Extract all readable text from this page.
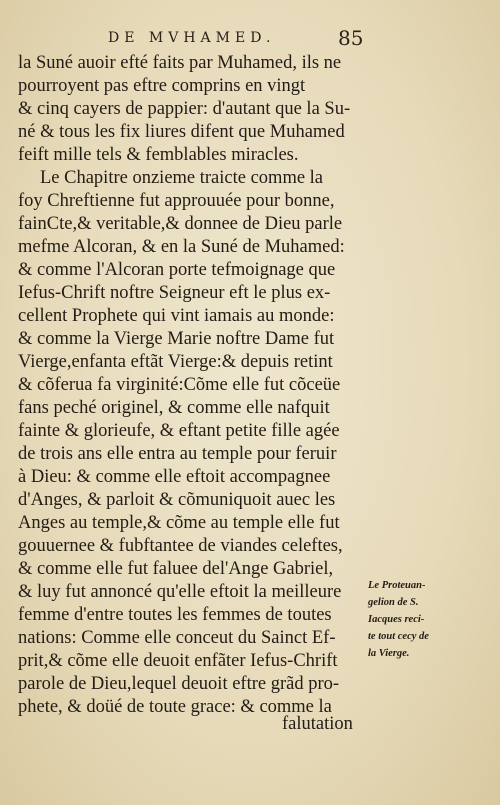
DE MVHAMED.	85
la Suné auoir efté faits par Muhamed, ils ne
pourroyent pas eftre comprins en vingt
& cinq cayers de pappier: d'autant que la Su-
né & tous les fix liures difent que Muhamed
feift mille tels & femblables miracles.
Le Chapitre onzieme traicte comme la
foy Chreftienne fut approuuée pour bonne,
fainCte,& veritable,& donnee de Dieu parle
mefme Alcoran, & en la Suné de Muhamed:
& comme l'Alcoran porte tefmoignage que
Iefus-Chrift noftre Seigneur eft le plus ex-
cellent Prophete qui vint iamais au monde:
& comme la Vierge Marie noftre Dame fut
Vierge,enfanta eftãt Vierge:& depuis retint
& cõferua fa virginité:Cõme elle fut cõceüe
fans peché originel, & comme elle nafquit
fainte & glorieufe, & eftant petite fille agée
de trois ans elle entra au temple pour feruir
à Dieu: & comme elle eftoit accompagnee
d'Anges, & parloit & cõmuniquoit auec les
Anges au temple,& cõme au temple elle fut
gouuernee & fubftantee de viandes celeftes,
& comme elle fut faluee del'Ange Gabriel,
& luy fut annoncé qu'elle eftoit la meilleure
femme d'entre toutes les femmes de toutes
nations: Comme elle conceut du Sainct Ef-
prit,& cõme elle deuoit enfãter Iefus-Chrift
parole de Dieu,lequel deuoit eftre grãd pro-
phete, & doüé de toute grace: & comme la
Le Proteuan-
gelion de S.
Iacques reci-
te tout cecy de
la Vierge.
falutation
